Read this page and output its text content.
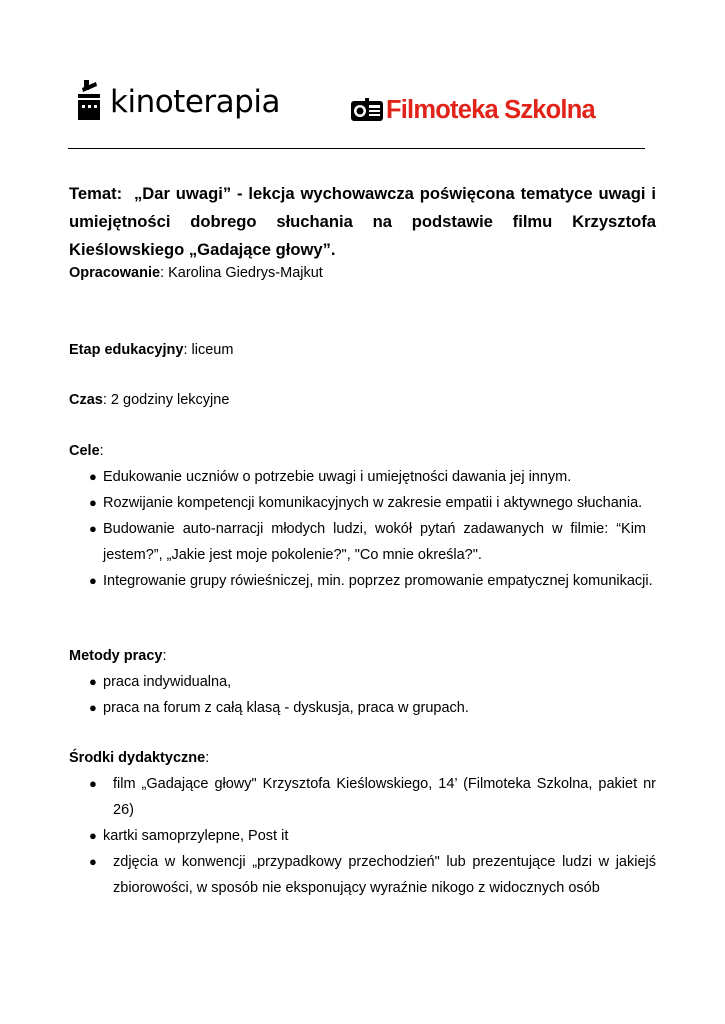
kinoterapia	Filmoteka Szkolna
Temat: „Dar uwagi” - lekcja wychowawcza poświęcona tematyce uwagi i umiejętności dobrego słuchania na podstawie filmu Krzysztofa Kieślowskiego „Gadające głowy”.
Opracowanie: Karolina Giedrys-Majkut
Etap edukacyjny: liceum
Czas: 2 godziny lekcyjne
Cele:
● Edukowanie uczniów o potrzebie uwagi i umiejętności dawania jej innym.
● Rozwijanie kompetencji komunikacyjnych w zakresie empatii i aktywnego słuchania.
● Budowanie auto-narracji młodych ludzi, wokół pytań zadawanych w filmie: “Kim jestem?”, „Jakie jest moje pokolenie?", "Co mnie określa?".
● Integrowanie grupy rówieśniczej, min. poprzez promowanie empatycznej komunikacji.
Metody pracy:
● praca indywidualna,
● praca na forum z całą klasą - dyskusja, praca w grupach.
Środki dydaktyczne:
● film „Gadające głowy" Krzysztofa Kieślowskiego, 14’ (Filmoteka Szkolna, pakiet nr 26)
● kartki samoprzylepne, Post it
● zdjęcia w konwencji „przypadkowy przechodzień" lub prezentujące ludzi w jakiejś zbiorowości, w sposób nie eksponujący wyraźnie nikogo z widocznych osób
